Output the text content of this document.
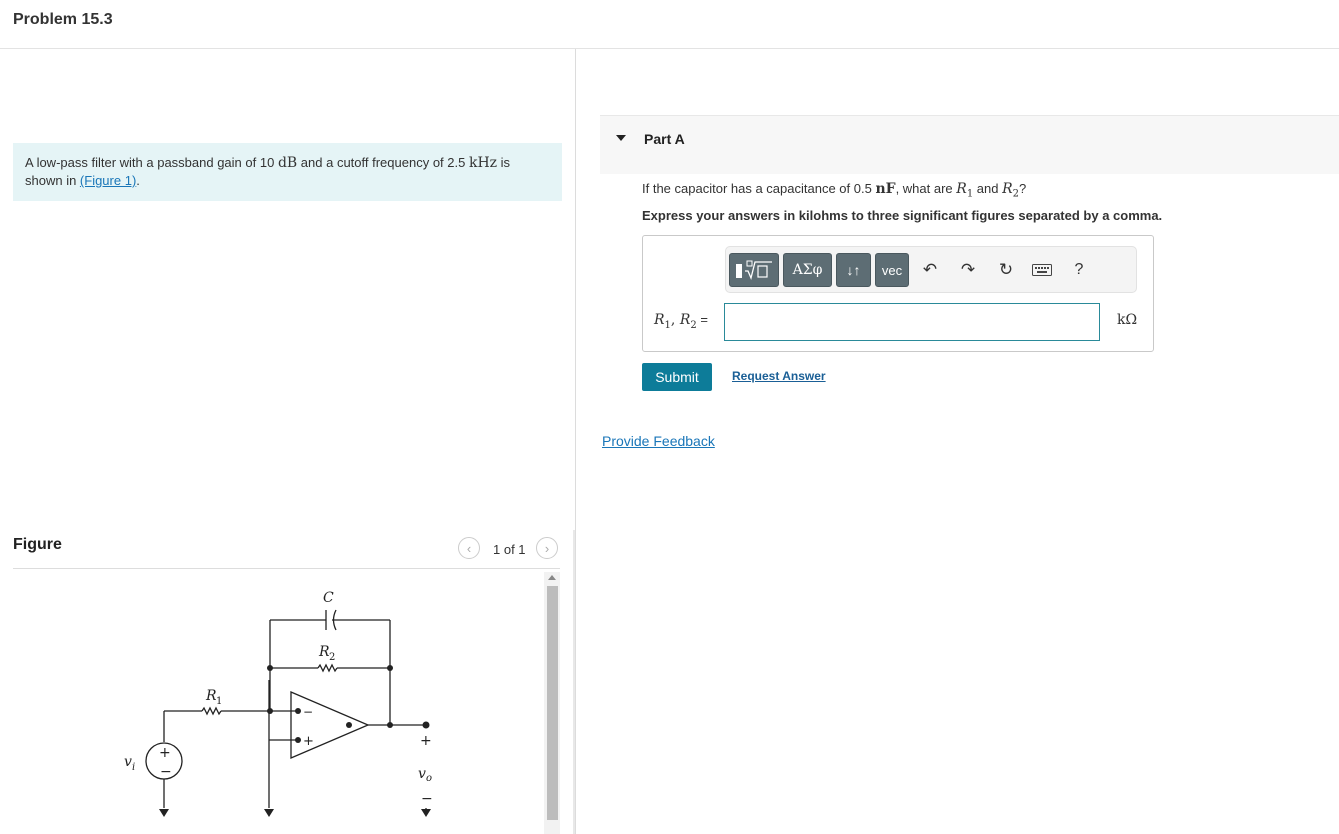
Problem 15.3
A low-pass filter with a passband gain of 10 dB and a cutoff frequency of 2.5 kHz is shown in (Figure 1).
Figure	‹ 1 of 1 ›
C
R 2
R 1
v i	v o
+
−
+
−
−
+
Part A
If the capacitor has a capacitance of 0.5 nF, what are $R_1$ and $R_2$?
Express your answers in kilohms to three significant figures separated by a comma.
ΑΣφ	↓↑	vec	↶ ↷ ↻	?
$R_1$, $R_2$ =	kΩ
Submit	Request Answer
Provide Feedback
